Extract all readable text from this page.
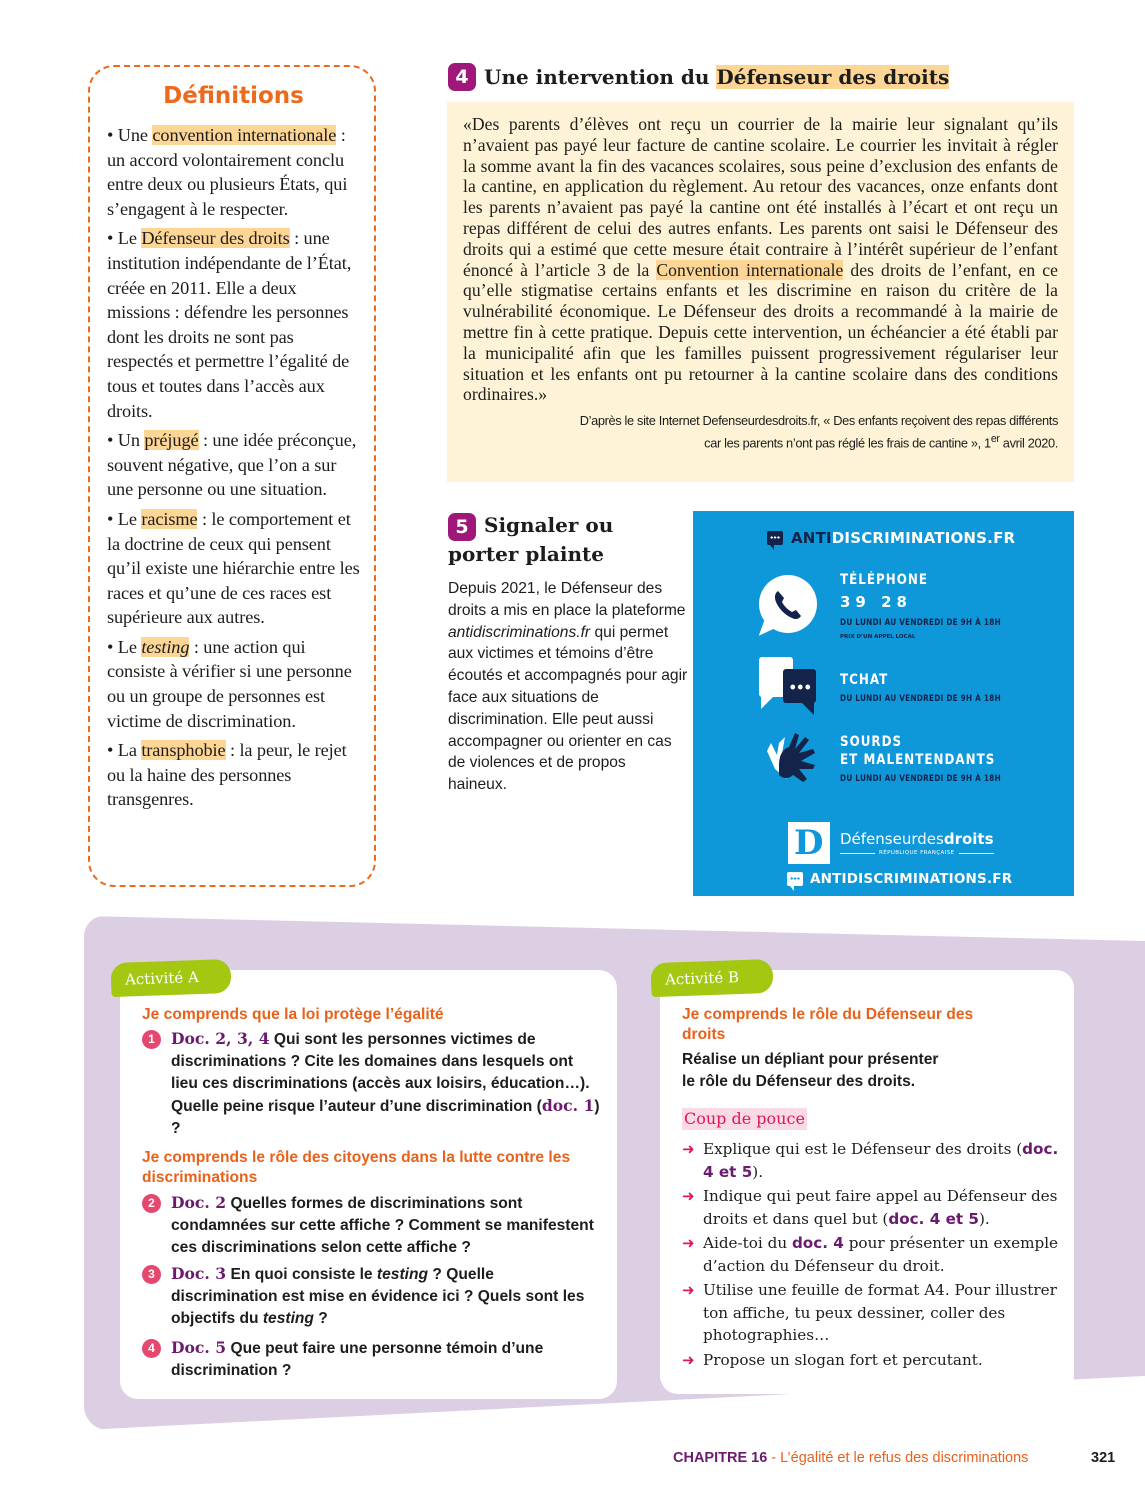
Définitions
• Une convention internationale : un accord volontairement conclu entre deux ou plusieurs États, qui s’engagent à le respecter.
• Le Défenseur des droits : une institution indépendante de l’État, créée en 2011. Elle a deux missions : défendre les personnes dont les droits ne sont pas respectés et permettre l’égalité de tous et toutes dans l’accès aux droits.
• Un préjugé : une idée préconçue, souvent négative, que l’on a sur une personne ou une situation.
• Le racisme : le comportement et la doctrine de ceux qui pensent qu’il existe une hiérarchie entre les races et qu’une de ces races est supérieure aux autres.
• Le testing : une action qui consiste à vérifier si une personne ou un groupe de personnes est victime de discrimination.
• La transphobie : la peur, le rejet ou la haine des personnes transgenres.
4 Une intervention du Défenseur des droits

«Des parents d’élèves ont reçu un courrier de la mairie leur signalant qu’ils n’avaient pas payé leur facture de cantine scolaire. Le courrier les invitait à régler la somme avant la fin des vacances scolaires, sous peine d’exclusion des enfants de la cantine, en application du règlement. Au retour des vacances, onze enfants dont les parents n’avaient pas payé la cantine ont été installés à l’écart et ont reçu un repas différent de celui des autres enfants. Les parents ont saisi le Défenseur des droits qui a estimé que cette mesure était contraire à l’intérêt supérieur de l’enfant énoncé à l’article 3 de la Convention internationale des droits de l’enfant, en ce qu’elle stigmatise certains enfants et les discrimine en raison du critère de la vulnérabilité économique. Le Défenseur des droits a recommandé à la mairie de mettre fin à cette pratique. Depuis cette intervention, un échéancier a été établi par la municipalité afin que les familles puissent progressivement régulariser leur situation et les enfants ont pu retourner à la cantine scolaire dans des conditions ordinaires.»

D’après le site Internet Defenseurdesdroits.fr, « Des enfants reçoivent des repas différents
car les parents n’ont pas réglé les frais de cantine », 1er avril 2020.

5 Signaler ou porter plainte

Depuis 2021, le Défenseur des droits a mis en place la plateforme antidiscriminations.fr qui permet aux victimes et témoins d’être écoutés et accompagnés pour agir face aux situations de discrimination. Elle peut aussi accompagner ou orienter en cas de violences et de propos haineux.

ANTIDISCRIMINATIONS.FR
TÉLÉPHONE
39 28
DU LUNDI AU VENDREDI DE 9H À 18H
PRIX D’UN APPEL LOCAL
TCHAT
DU LUNDI AU VENDREDI DE 9H À 18H
SOURDS
ET MALENTENDANTS
DU LUNDI AU VENDREDI DE 9H À 18H
D Défenseurdesdroits
RÉPUBLIQUE FRANÇAISE
ANTIDISCRIMINATIONS.FR
Activité A
Je comprends que la loi protège l’égalité
1	Doc. 2, 3, 4 Qui sont les personnes victimes de discriminations ? Cite les domaines dans lesquels ont lieu ces discriminations (accès aux loisirs, éducation…). Quelle peine risque l’auteur d’une discrimination (doc. 1) ?
Je comprends le rôle des citoyens dans la lutte contre les discriminations
2	Doc. 2 Quelles formes de discriminations sont condamnées sur cette affiche ? Comment se manifestent ces discriminations selon cette affiche ?
3	Doc. 3 En quoi consiste le testing ? Quelle discrimination est mise en évidence ici ? Quels sont les objectifs du testing ?
4	Doc. 5 Que peut faire une personne témoin d’une discrimination ?
Activité B
Je comprends le rôle du Défenseur des droits
Réalise un dépliant pour présenter le rôle du Défenseur des droits.
Coup de pouce
➜ Explique qui est le Défenseur des droits (doc. 4 et 5).
➜ Indique qui peut faire appel au Défenseur des droits et dans quel but (doc. 4 et 5).
➜ Aide-toi du doc. 4 pour présenter un exemple d’action du Défenseur du droit.
➜ Utilise une feuille de format A4. Pour illustrer ton affiche, tu peux dessiner, coller des photographies…
➜ Propose un slogan fort et percutant.
CHAPITRE 16 - L’égalité et le refus des discriminations	321
